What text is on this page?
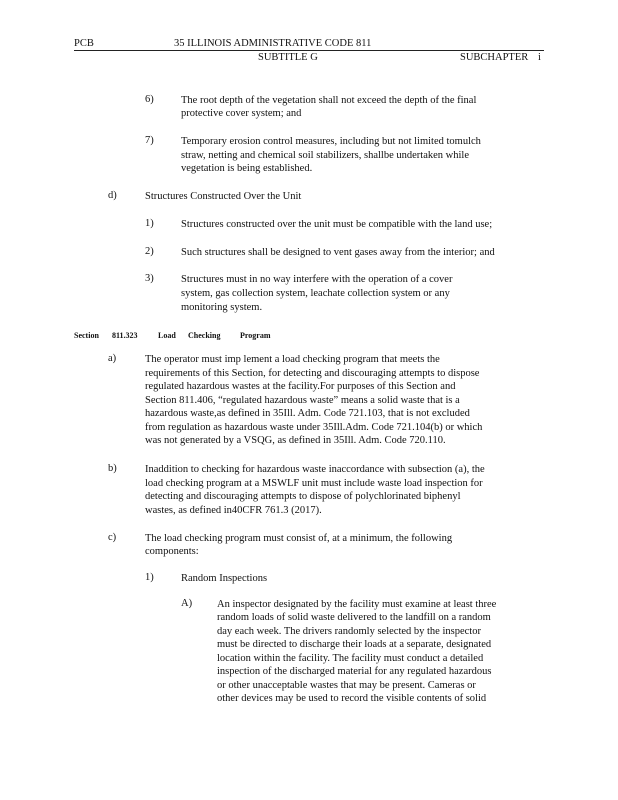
PCB	35 ILLINOIS ADMINISTRATIVE CODE 811
SUBTITLE G	SUBCHAPTER i
6)	The root depth of the vegetation shall not exceed the depth of the final
protective cover system; and
7)	Temporary erosion control measures, including but not limited tomulch
straw, netting and chemical soil stabilizers, shallbe undertaken while
vegetation is being established.
d)	Structures Constructed Over the Unit
1)	Structures constructed over the unit must be compatible with the land use;
2)	Such structures shall be designed to vent gases away from the interior; and
3)	Structures must in no way interfere with the operation of a cover
system, gas collection system, leachate collection system or any
monitoring system.
Section 811.323	Load Checking Program
a)	The operator must imp lement a load checking program that meets the
requirements of this Section, for detecting and discouraging attempts to dispose
regulated hazardous wastes at the facility.For purposes of this Section and
Section 811.406, “regulated hazardous waste” means a solid waste that is a
hazardous waste,as defined in 35Ill. Adm. Code 721.103, that is not excluded
from regulation as hazardous waste under 35Ill.Adm. Code 721.104(b) or which
was not generated by a VSQG, as defined in 35Ill. Adm. Code 720.110.
b)	Inaddition to checking for hazardous waste inaccordance with subsection (a), the
load checking program at a MSWLF unit must include waste load inspection for
detecting and discouraging attempts to dispose of polychlorinated biphenyl
wastes, as defined in40CFR 761.3 (2017).
c)	The load checking program must consist of, at a minimum, the following
components:
1)	Random Inspections
A) An inspector designated by the facility must examine at least three
random loads of solid waste delivered to the landfill on a random
day each week. The drivers randomly selected by the inspector
must be directed to discharge their loads at a separate, designated
location within the facility. The facility must conduct a detailed
inspection of the discharged material for any regulated hazardous
or other unacceptable wastes that may be present. Cameras or
other devices may be used to record the visible contents of solid
